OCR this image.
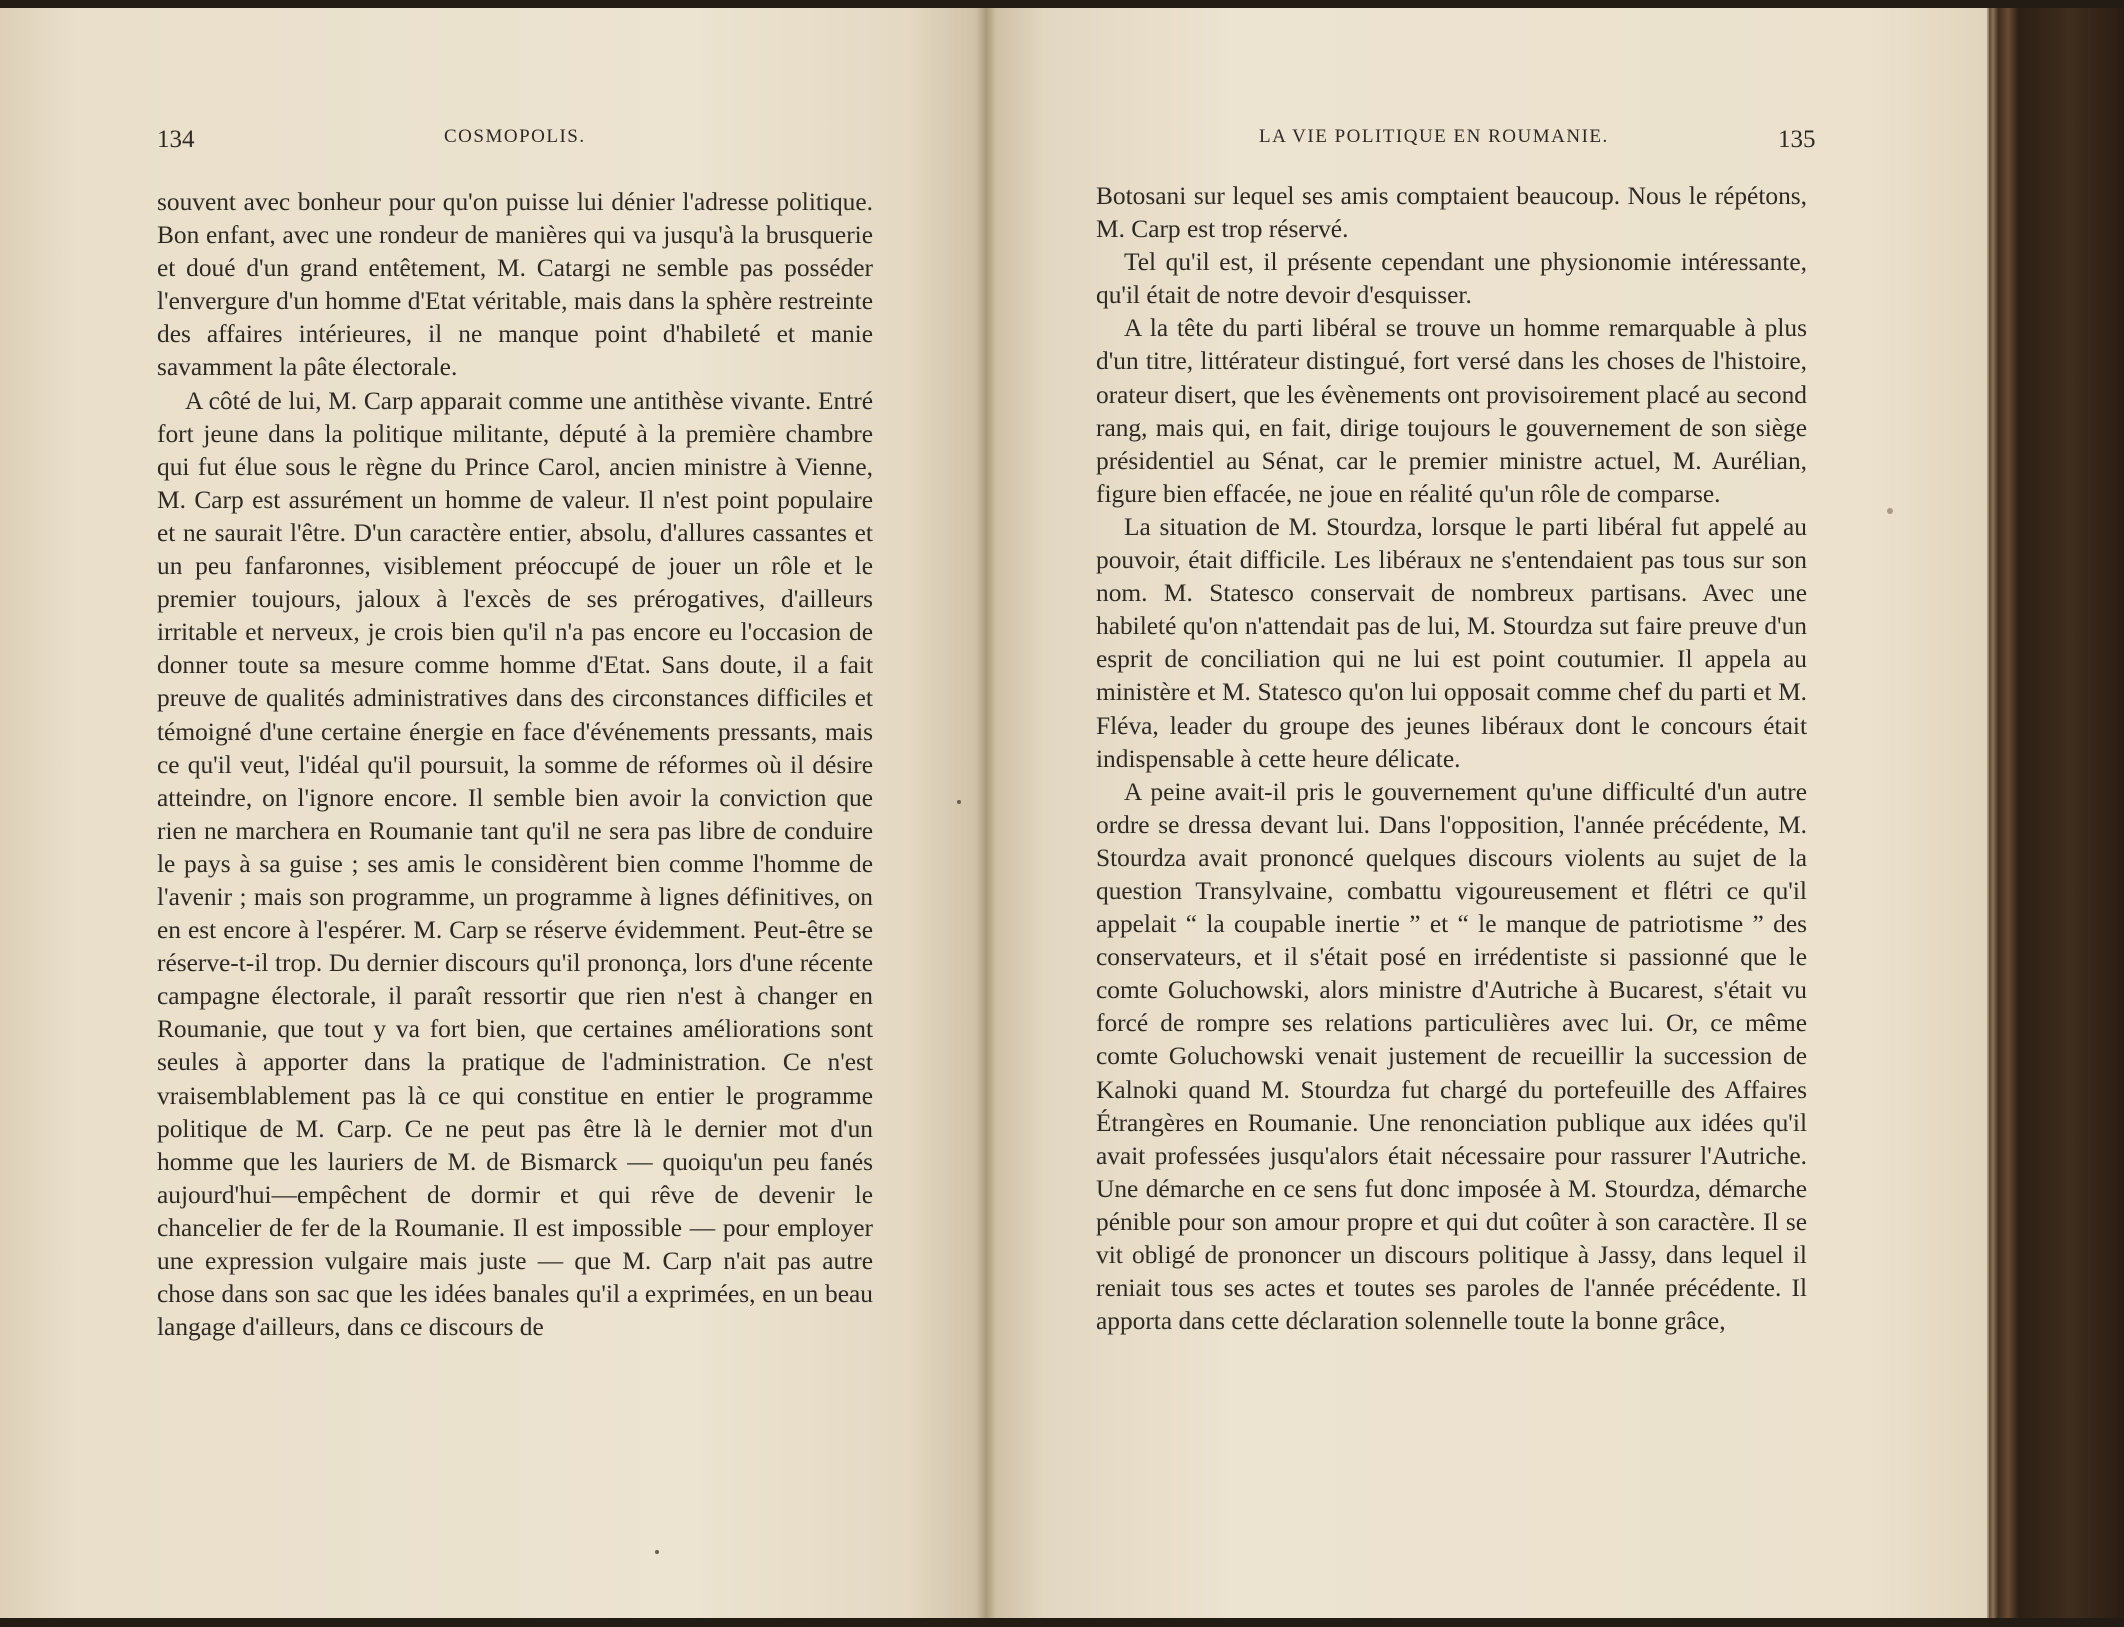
134	COSMOPOLIS.

souvent avec bonheur pour qu'on puisse lui dénier l'adresse politique. Bon enfant, avec une rondeur de manières qui va jusqu'à la brusquerie et doué d'un grand entêtement, M. Catargi ne semble pas posséder l'envergure d'un homme d'Etat véritable, mais dans la sphère restreinte des affaires intérieures, il ne manque point d'habileté et manie savamment la pâte électorale.

A côté de lui, M. Carp apparait comme une antithèse vivante. Entré fort jeune dans la politique militante, député à la première chambre qui fut élue sous le règne du Prince Carol, ancien ministre à Vienne, M. Carp est assurément un homme de valeur. Il n'est point populaire et ne saurait l'être. D'un caractère entier, absolu, d'allures cassantes et un peu fanfaronnes, visiblement préoccupé de jouer un rôle et le premier toujours, jaloux à l'excès de ses prérogatives, d'ailleurs irritable et nerveux, je crois bien qu'il n'a pas encore eu l'occasion de donner toute sa mesure comme homme d'Etat. Sans doute, il a fait preuve de qualités administratives dans des circonstances difficiles et témoigné d'une certaine énergie en face d'événements pressants, mais ce qu'il veut, l'idéal qu'il poursuit, la somme de réformes où il désire atteindre, on l'ignore encore. Il semble bien avoir la conviction que rien ne marchera en Roumanie tant qu'il ne sera pas libre de conduire le pays à sa guise ; ses amis le considèrent bien comme l'homme de l'avenir ; mais son programme, un programme à lignes définitives, on en est encore à l'espérer. M. Carp se réserve évidemment. Peut-être se réserve-t-il trop. Du dernier discours qu'il prononça, lors d'une récente campagne électorale, il paraît ressortir que rien n'est à changer en Roumanie, que tout y va fort bien, que certaines améliorations sont seules à apporter dans la pratique de l'administration. Ce n'est vraisemblablement pas là ce qui constitue en entier le programme politique de M. Carp. Ce ne peut pas être là le dernier mot d'un homme que les lauriers de M. de Bismarck — quoiqu'un peu fanés aujourd'hui—empêchent de dormir et qui rêve de devenir le chancelier de fer de la Roumanie. Il est impossible — pour employer une expression vulgaire mais juste — que M. Carp n'ait pas autre chose dans son sac que les idées banales qu'il a exprimées, en un beau langage d'ailleurs, dans ce discours de

LA VIE POLITIQUE EN ROUMANIE.	135

Botosani sur lequel ses amis comptaient beaucoup. Nous le répétons, M. Carp est trop réservé.

Tel qu'il est, il présente cependant une physionomie intéressante, qu'il était de notre devoir d'esquisser.

A la tête du parti libéral se trouve un homme remarquable à plus d'un titre, littérateur distingué, fort versé dans les choses de l'histoire, orateur disert, que les évènements ont provisoirement placé au second rang, mais qui, en fait, dirige toujours le gouvernement de son siège présidentiel au Sénat, car le premier ministre actuel, M. Aurélian, figure bien effacée, ne joue en réalité qu'un rôle de comparse.

La situation de M. Stourdza, lorsque le parti libéral fut appelé au pouvoir, était difficile. Les libéraux ne s'entendaient pas tous sur son nom. M. Statesco conservait de nombreux partisans. Avec une habileté qu'on n'attendait pas de lui, M. Stourdza sut faire preuve d'un esprit de conciliation qui ne lui est point coutumier. Il appela au ministère et M. Statesco qu'on lui opposait comme chef du parti et M. Fléva, leader du groupe des jeunes libéraux dont le concours était indispensable à cette heure délicate.

A peine avait-il pris le gouvernement qu'une difficulté d'un autre ordre se dressa devant lui. Dans l'opposition, l'année précédente, M. Stourdza avait prononcé quelques discours violents au sujet de la question Transylvaine, combattu vigoureusement et flétri ce qu'il appelait “ la coupable inertie ” et “ le manque de patriotisme ” des conservateurs, et il s'était posé en irrédentiste si passionné que le comte Goluchowski, alors ministre d'Autriche à Bucarest, s'était vu forcé de rompre ses relations particulières avec lui. Or, ce même comte Goluchowski venait justement de recueillir la succession de Kalnoki quand M. Stourdza fut chargé du portefeuille des Affaires Étrangères en Roumanie. Une renonciation publique aux idées qu'il avait professées jusqu'alors était nécessaire pour rassurer l'Autriche. Une démarche en ce sens fut donc imposée à M. Stourdza, démarche pénible pour son amour propre et qui dut coûter à son caractère. Il se vit obligé de prononcer un discours politique à Jassy, dans lequel il reniait tous ses actes et toutes ses paroles de l'année précédente. Il apporta dans cette déclaration solennelle toute la bonne grâce,
